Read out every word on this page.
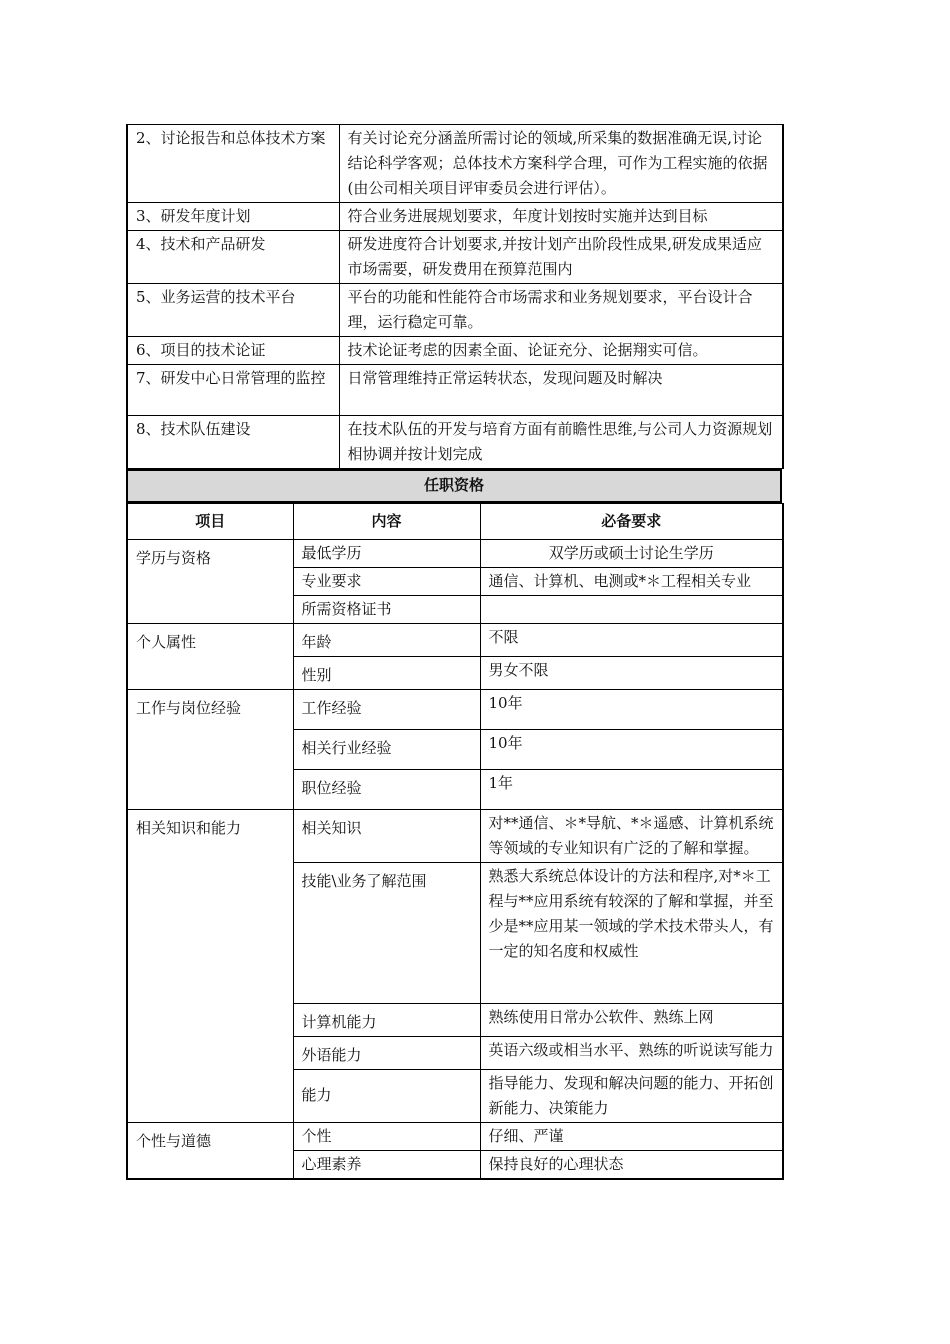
2、讨论报告和总体技术方案	有关讨论充分涵盖所需讨论的领域,所采集的数据准确无误,讨论结论科学客观；总体技术方案科学合理，可作为工程实施的依据(由公司相关项目评审委员会进行评估）。
3、研发年度计划	符合业务进展规划要求，年度计划按时实施并达到目标
4、技术和产品研发	研发进度符合计划要求,并按计划产出阶段性成果,研发成果适应市场需要，研发费用在预算范围内
5、业务运营的技术平台	平台的功能和性能符合市场需求和业务规划要求，平台设计合理，运行稳定可靠。
6、项目的技术论证	技术论证考虑的因素全面、论证充分、论据翔实可信。
7、研发中心日常管理的监控	日常管理维持正常运转状态，发现问题及时解决
8、技术队伍建设	在技术队伍的开发与培育方面有前瞻性思维,与公司人力资源规划相协调并按计划完成
任职资格
项目	内容	必备要求
学历与资格	最低学历	双学历或硕士讨论生学历
	专业要求	通信、计算机、电测或*＊工程相关专业
	所需资格证书	
个人属性	年龄	不限
	性别	男女不限
工作与岗位经验	工作经验	10年
	相关行业经验	10年
	职位经验	1年
相关知识和能力	相关知识	对**通信、＊*导航、*＊遥感、计算机系统等领域的专业知识有广泛的了解和掌握。
	技能\业务了解范围	熟悉大系统总体设计的方法和程序,对*＊工程与**应用系统有较深的了解和掌握，并至少是**应用某一领域的学术技术带头人，有一定的知名度和权威性
	计算机能力	熟练使用日常办公软件、熟练上网
	外语能力	英语六级或相当水平、熟练的听说读写能力
	能力	指导能力、发现和解决问题的能力、开拓创新能力、决策能力
个性与道德	个性	仔细、严谨
	心理素养	保持良好的心理状态
